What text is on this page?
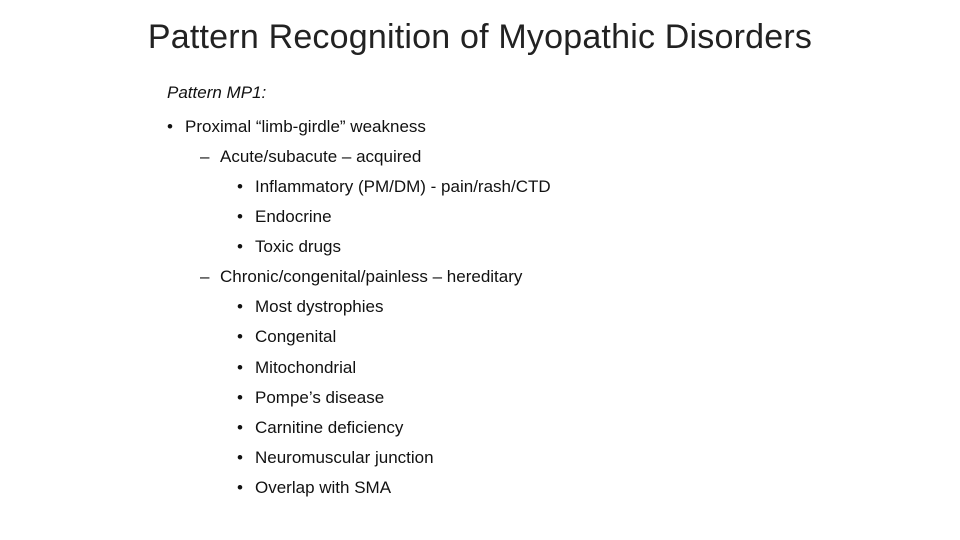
Pattern Recognition of Myopathic Disorders
Pattern MP1:
• Proximal “limb-girdle” weakness
– Acute/subacute – acquired
• Inflammatory (PM/DM) - pain/rash/CTD
• Endocrine
• Toxic drugs
– Chronic/congenital/painless – hereditary
• Most dystrophies
• Congenital
• Mitochondrial
• Pompe’s disease
• Carnitine deficiency
• Neuromuscular junction
• Overlap with SMA
